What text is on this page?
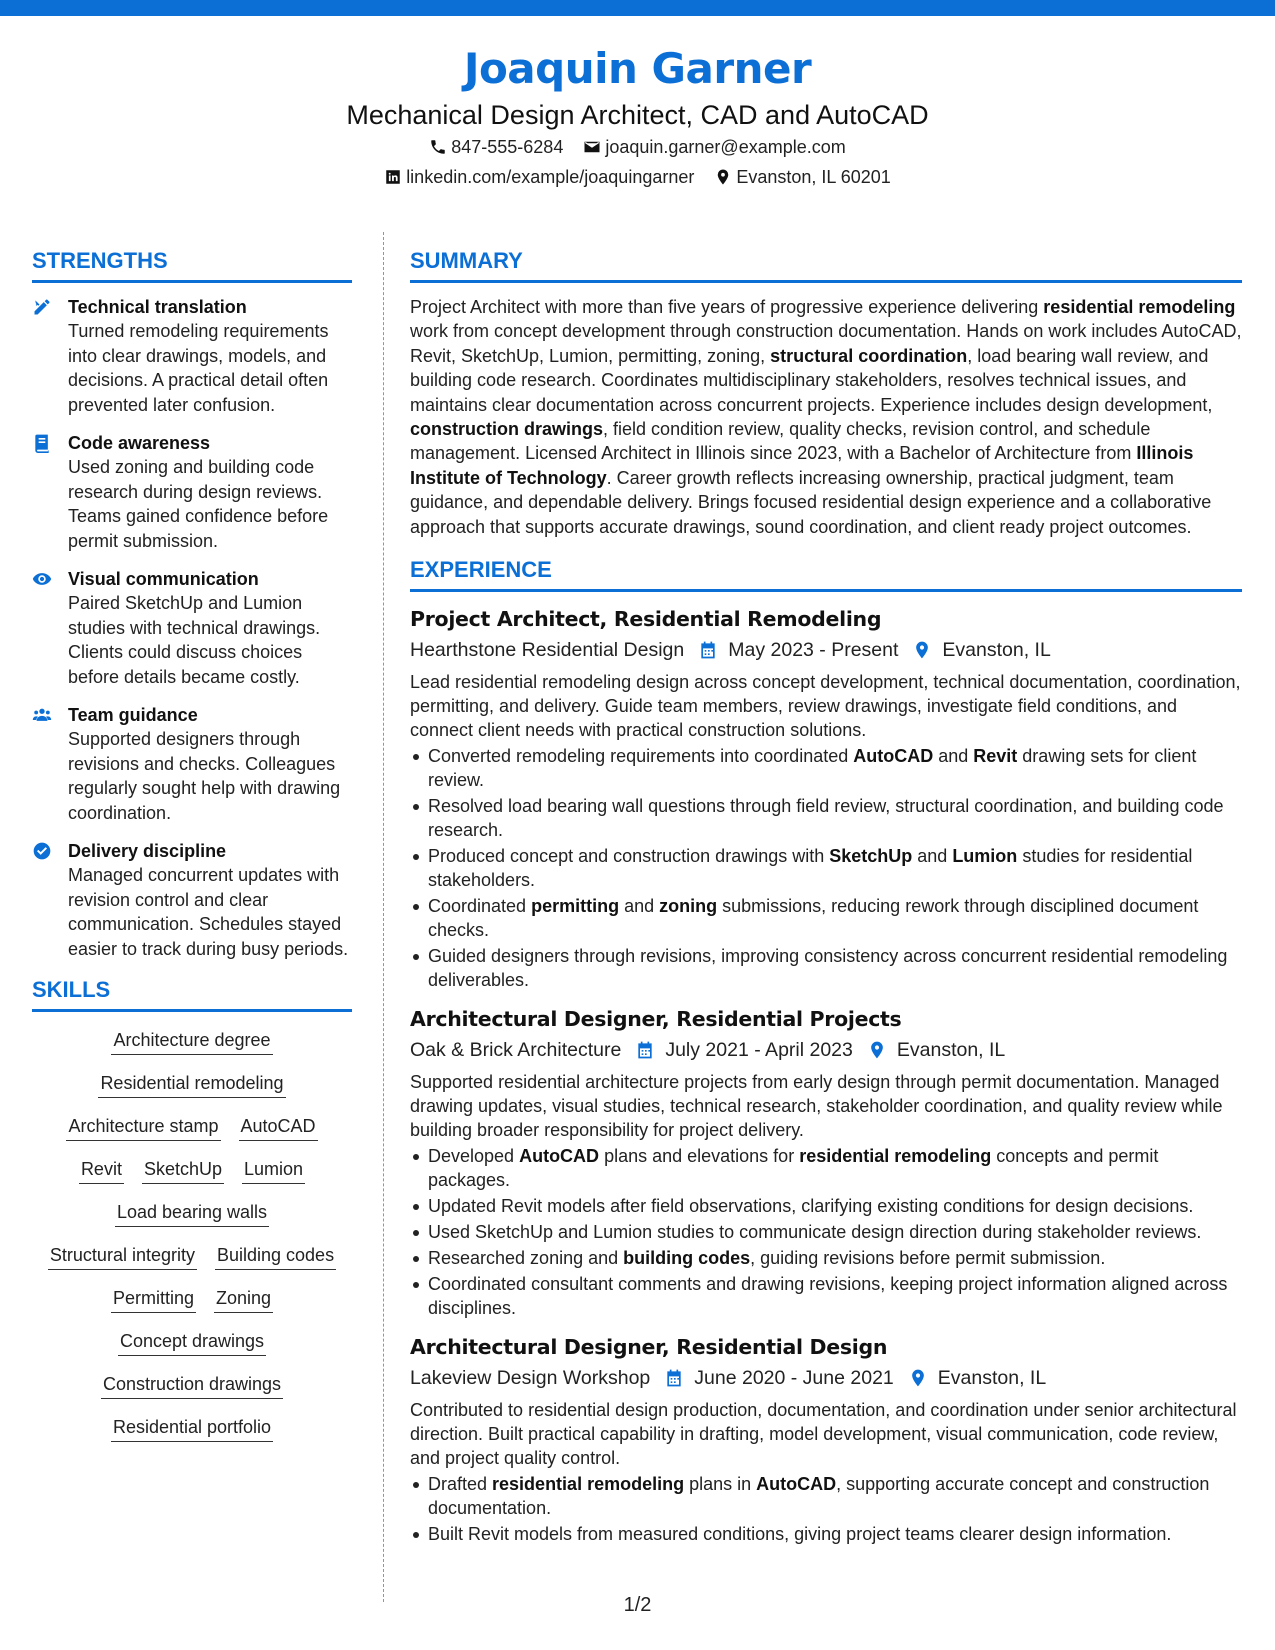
Joaquin Garner
Mechanical Design Architect, CAD and AutoCAD
847-555-6284 joaquin.garner@example.com
linkedin.com/example/joaquingarner Evanston, IL 60201
STRENGTHS
Technical translation
Turned remodeling requirements into clear drawings, models, and decisions. A practical detail often prevented later confusion.
Code awareness
Used zoning and building code research during design reviews. Teams gained confidence before permit submission.
Visual communication
Paired SketchUp and Lumion studies with technical drawings. Clients could discuss choices before details became costly.
Team guidance
Supported designers through revisions and checks. Colleagues regularly sought help with drawing coordination.
Delivery discipline
Managed concurrent updates with revision control and clear communication. Schedules stayed easier to track during busy periods.
SKILLS
Architecture degree
Residential remodeling
Architecture stamp AutoCAD
Revit SketchUp Lumion
Load bearing walls
Structural integrity Building codes
Permitting Zoning
Concept drawings
Construction drawings
Residential portfolio
SUMMARY
Project Architect with more than five years of progressive experience delivering residential remodeling work from concept development through construction documentation. Hands on work includes AutoCAD, Revit, SketchUp, Lumion, permitting, zoning, structural coordination, load bearing wall review, and building code research. Coordinates multidisciplinary stakeholders, resolves technical issues, and maintains clear documentation across concurrent projects. Experience includes design development, construction drawings, field condition review, quality checks, revision control, and schedule management. Licensed Architect in Illinois since 2023, with a Bachelor of Architecture from Illinois Institute of Technology. Career growth reflects increasing ownership, practical judgment, team guidance, and dependable delivery. Brings focused residential design experience and a collaborative approach that supports accurate drawings, sound coordination, and client ready project outcomes.
EXPERIENCE
Project Architect, Residential Remodeling
Hearthstone Residential Design May 2023 - Present Evanston, IL
Lead residential remodeling design across concept development, technical documentation, coordination, permitting, and delivery. Guide team members, review drawings, investigate field conditions, and connect client needs with practical construction solutions.
Converted remodeling requirements into coordinated AutoCAD and Revit drawing sets for client review.
Resolved load bearing wall questions through field review, structural coordination, and building code research.
Produced concept and construction drawings with SketchUp and Lumion studies for residential stakeholders.
Coordinated permitting and zoning submissions, reducing rework through disciplined document checks.
Guided designers through revisions, improving consistency across concurrent residential remodeling deliverables.
Architectural Designer, Residential Projects
Oak & Brick Architecture July 2021 - April 2023 Evanston, IL
Supported residential architecture projects from early design through permit documentation. Managed drawing updates, visual studies, technical research, stakeholder coordination, and quality review while building broader responsibility for project delivery.
Developed AutoCAD plans and elevations for residential remodeling concepts and permit packages.
Updated Revit models after field observations, clarifying existing conditions for design decisions.
Used SketchUp and Lumion studies to communicate design direction during stakeholder reviews.
Researched zoning and building codes, guiding revisions before permit submission.
Coordinated consultant comments and drawing revisions, keeping project information aligned across disciplines.
Architectural Designer, Residential Design
Lakeview Design Workshop June 2020 - June 2021 Evanston, IL
Contributed to residential design production, documentation, and coordination under senior architectural direction. Built practical capability in drafting, model development, visual communication, code review, and project quality control.
Drafted residential remodeling plans in AutoCAD, supporting accurate concept and construction documentation.
Built Revit models from measured conditions, giving project teams clearer design information.
1/2
